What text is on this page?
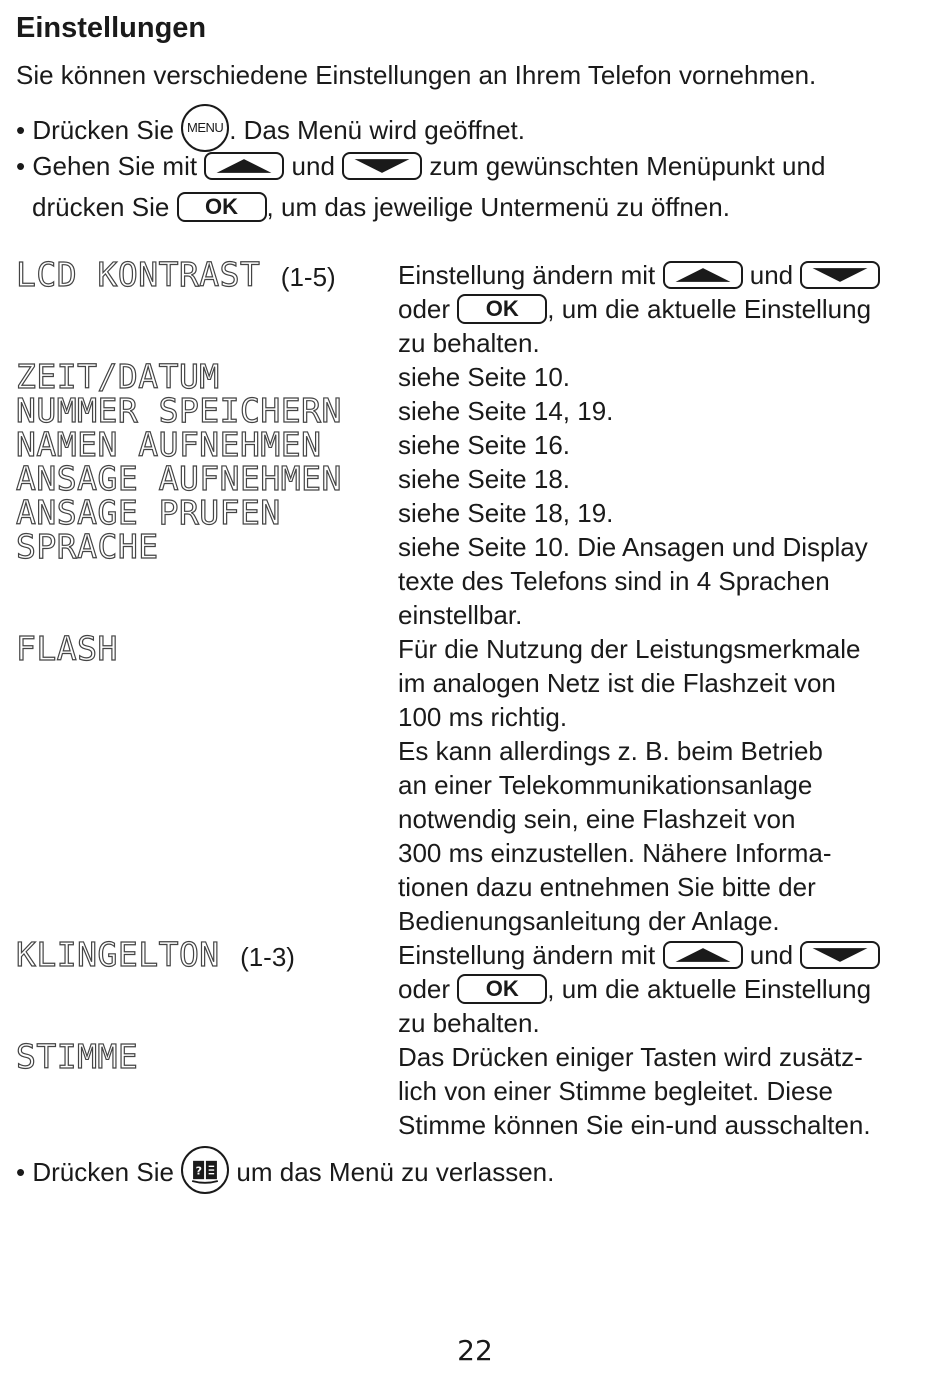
Einstellungen
Sie können verschiedene Einstellungen an Ihrem Telefon vornehmen.
• Drücken Sie MENU . Das Menü wird geöffnet.
• Gehen Sie mit	und	zum gewünschten Menüpunkt und
drücken Sie OK , um das jeweilige Untermenü zu öffnen.
LCD KONTRAST (1-5) Einstellung ändern mit	und

oder OK , um die aktuelle Einstellung

zu behalten.

ZEIT/DATUM	siehe Seite 10.
NUMMER SPEICHERN siehe Seite 14, 19.
NAMEN AUFNEHMEN	siehe Seite 16.
ANSAGE AUFNEHMEN siehe Seite 18.
ANSAGE PRUFEN	siehe Seite 18, 19.
SPRACHE	siehe Seite 10. Die Ansagen und Display

texte des Telefons sind in 4 Sprachen

einstellbar.

FLASH	Für die Nutzung der Leistungsmerkmale

im analogen Netz ist die Flashzeit von

100 ms richtig.

Es kann allerdings z. B. beim Betrieb

an einer Telekommunikationsanlage

notwendig sein, eine Flashzeit von

300 ms einzustellen. Nähere Informa-

tionen dazu entnehmen Sie bitte der

Bedienungsanleitung der Anlage.

KLINGELTON (1-3)	Einstellung ändern mit	und

oder OK , um die aktuelle Einstellung

zu behalten.

STIMME	Das Drücken einiger Tasten wird zusätz-

lich von einer Stimme begleitet. Diese

Stimme können Sie ein-und ausschalten.

• Drücken Sie ? um das Menü zu verlassen.
22
